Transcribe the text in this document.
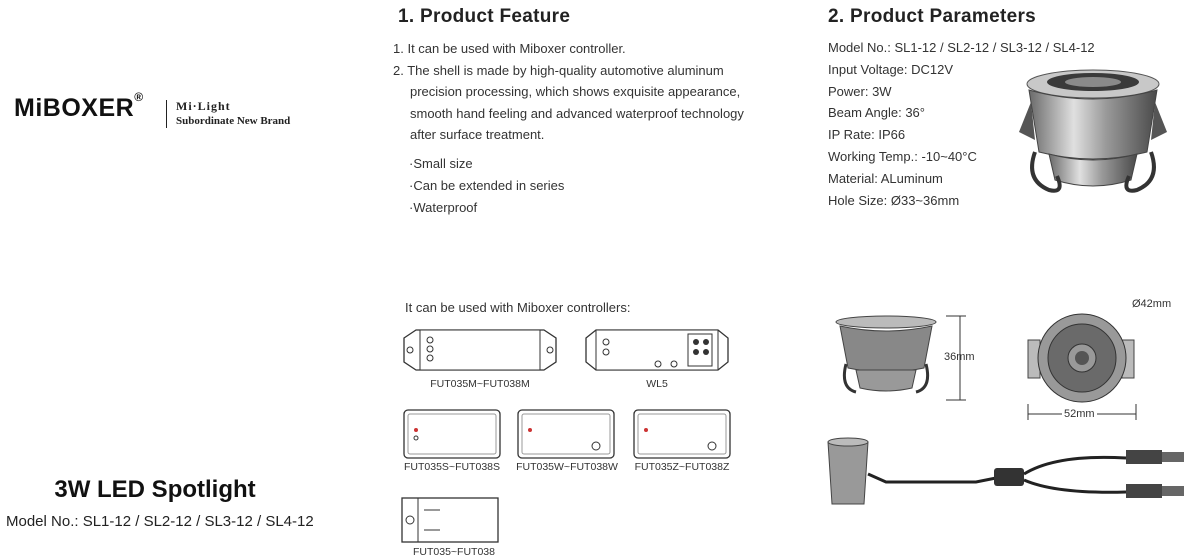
MiBOXER®
Mi·Light
Subordinate New Brand
3W LED Spotlight
Model No.: SL1-12 / SL2-12 / SL3-12 / SL4-12
1. Product Feature
1. It can be used with Miboxer controller.
2. The shell is made by high-quality automotive aluminum
precision processing, which shows exquisite appearance,
smooth hand feeling and advanced waterproof technology
after surface treatment.
·Small size
·Can be extended in series
·Waterproof
2. Product Parameters
Model No.: SL1-12 / SL2-12 / SL3-12 / SL4-12
Input Voltage: DC12V
Power: 3W
Beam Angle: 36°
IP Rate: IP66
Working Temp.: -10~40°C
Material: ALuminum
Hole Size: Ø33~36mm
It can be used with Miboxer controllers:
FUT035M~FUT038M	WL5
FUT035S~FUT038S	FUT035W~FUT038W	FUT035Z~FUT038Z
FUT035~FUT038
36mm
Ø42mm
52mm
